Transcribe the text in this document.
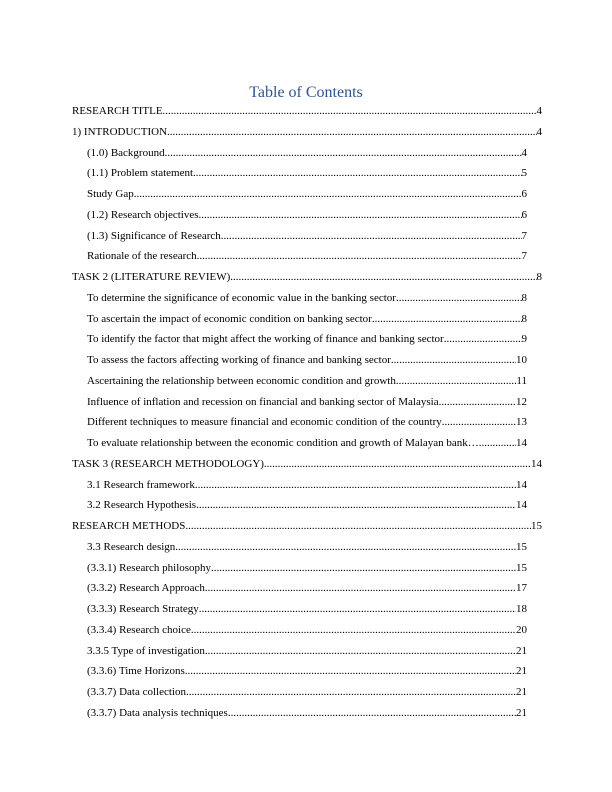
Table of Contents
RESEARCH TITLE .....	4
1) INTRODUCTION .....	4
(1.0) Background .....	4
(1.1) Problem statement .....	5
Study Gap .....	6
(1.2) Research objectives .....	6
(1.3) Significance of Research .....	7
Rationale of the research .....	7
TASK 2 (LITERATURE REVIEW) .....	8
To determine the significance of economic value in the banking sector .....	8
To ascertain the impact of economic condition on banking sector .....	8
To identify the factor that might affect the working of finance and banking sector .....	9
To assess the factors affecting working of finance and banking sector .....	10
Ascertaining the relationship between economic condition and growth .....	11
Influence of inflation and recession on financial and banking sector of Malaysia .....	12
Different techniques to measure financial and economic condition of the country .....	13
To evaluate relationship between the economic condition and growth of Malayan bank… .....	14
TASK 3 (RESEARCH METHODOLOGY) .....	14
3.1 Research framework .....	14
3.2 Research Hypothesis .....	14
RESEARCH METHODS .....	15
3.3 Research design .....	15
(3.3.1) Research philosophy .....	15
(3.3.2) Research Approach .....	17
(3.3.3) Research Strategy .....	18
(3.3.4) Research choice .....	20
3.3.5 Type of investigation .....	21
(3.3.6) Time Horizons .....	21
(3.3.7) Data collection .....	21
(3.3.7) Data analysis techniques .....	21
